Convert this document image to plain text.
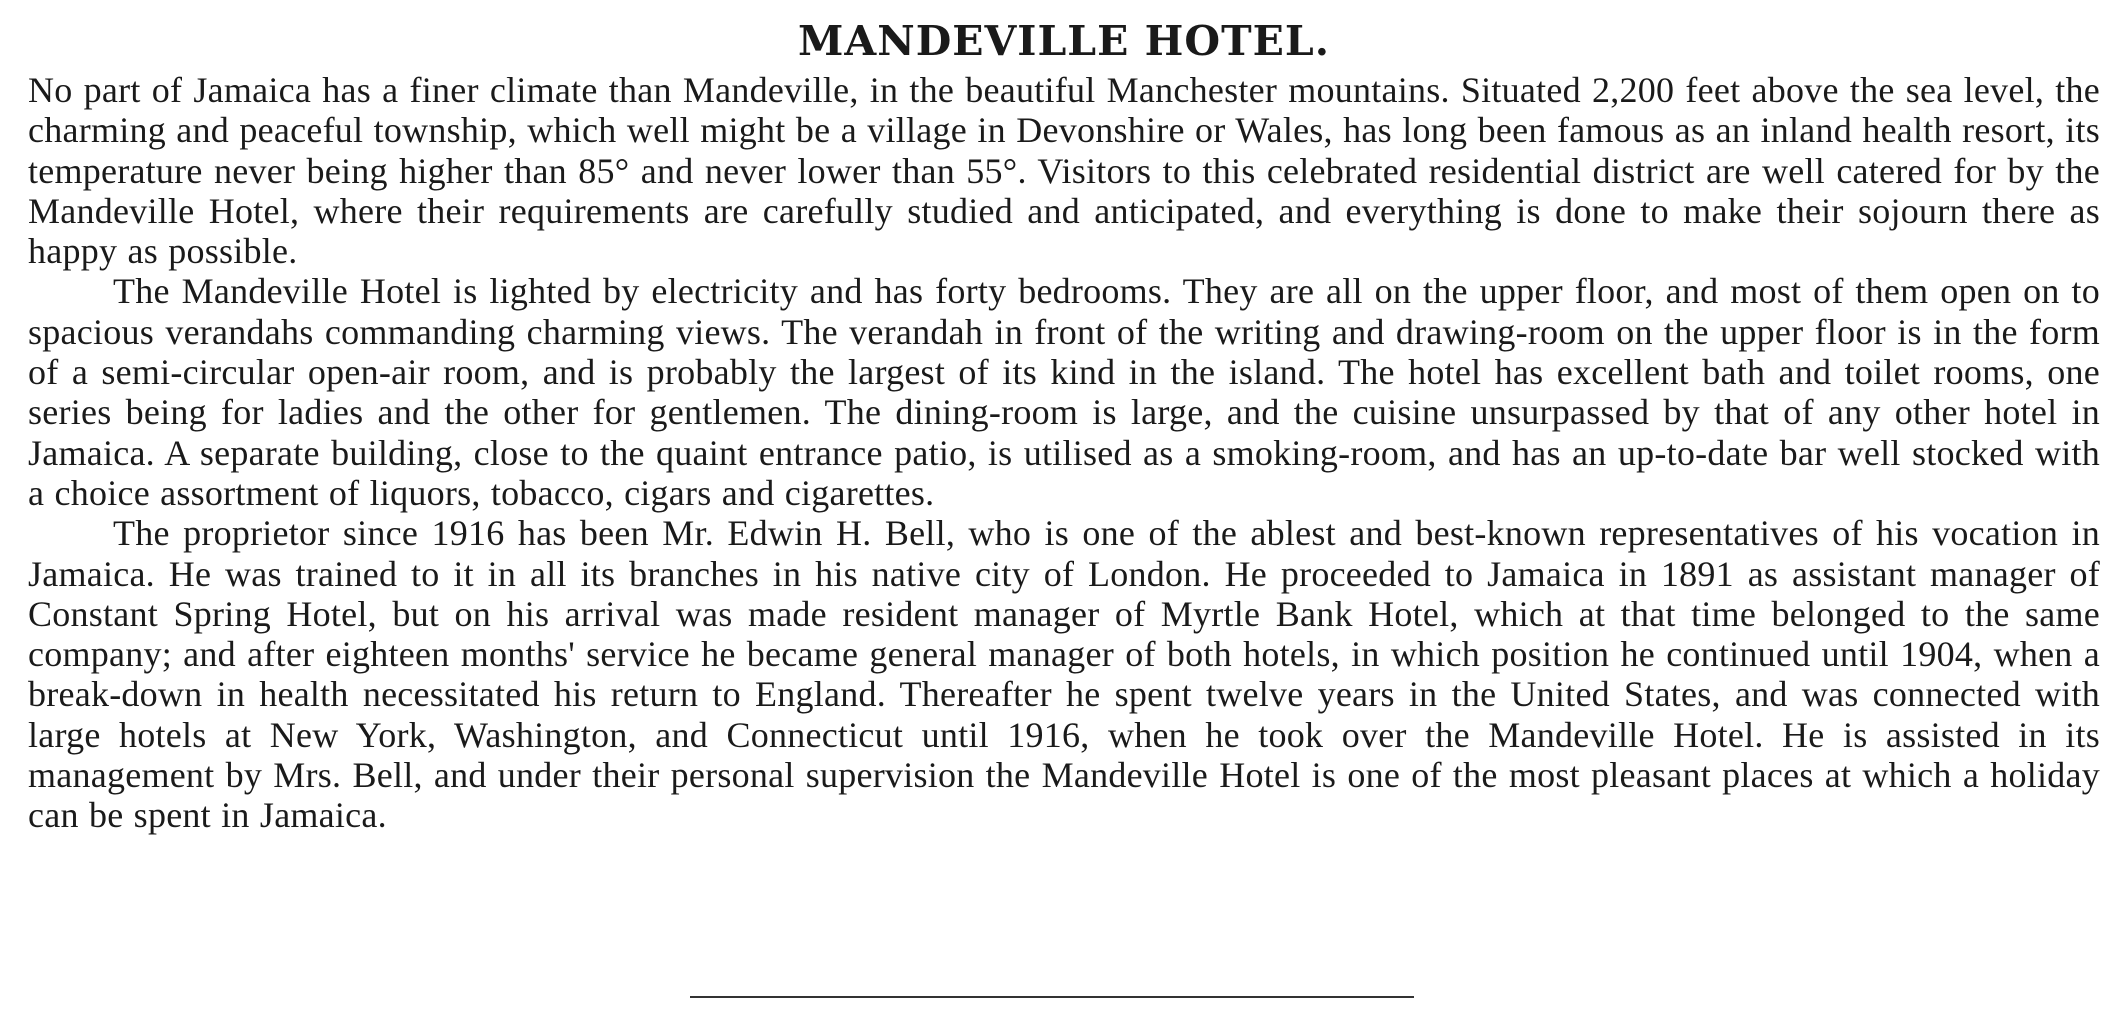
MANDEVILLE HOTEL.

No part of Jamaica has a finer climate than Mandeville, in the beautiful Manchester mountains. Situated 2,200 feet above the sea level, the charming and peaceful township, which well might be a village in Devonshire or Wales, has long been famous as an inland health resort, its temperature never being higher than 85° and never lower than 55°. Visitors to this celebrated residential district are well catered for by the Mandeville Hotel, where their requirements are carefully studied and anticipated, and everything is done to make their sojourn there as happy as possible.

The Mandeville Hotel is lighted by electricity and has forty bedrooms. They are all on the upper floor, and most of them open on to spacious verandahs commanding charming views. The verandah in front of the writing and drawing-room on the upper floor is in the form of a semi-circular open-air room, and is probably the largest of its kind in the island. The hotel has excellent bath and toilet rooms, one series being for ladies and the other for gentlemen. The dining-room is large, and the cuisine unsurpassed by that of any other hotel in Jamaica. A separate building, close to the quaint entrance patio, is utilised as a smoking-room, and has an up-to-date bar well stocked with a choice assortment of liquors, tobacco, cigars and cigarettes.

The proprietor since 1916 has been Mr. Edwin H. Bell, who is one of the ablest and best-known representatives of his vocation in Jamaica. He was trained to it in all its branches in his native city of London. He proceeded to Jamaica in 1891 as assistant manager of Constant Spring Hotel, but on his arrival was made resident manager of Myrtle Bank Hotel, which at that time belonged to the same company; and after eighteen months' service he became general manager of both hotels, in which position he continued until 1904, when a break-down in health necessitated his return to England. Thereafter he spent twelve years in the United States, and was connected with large hotels at New York, Washington, and Connecticut until 1916, when he took over the Mandeville Hotel. He is assisted in its management by Mrs. Bell, and under their personal supervision the Mandeville Hotel is one of the most pleasant places at which a holiday can be spent in Jamaica.
